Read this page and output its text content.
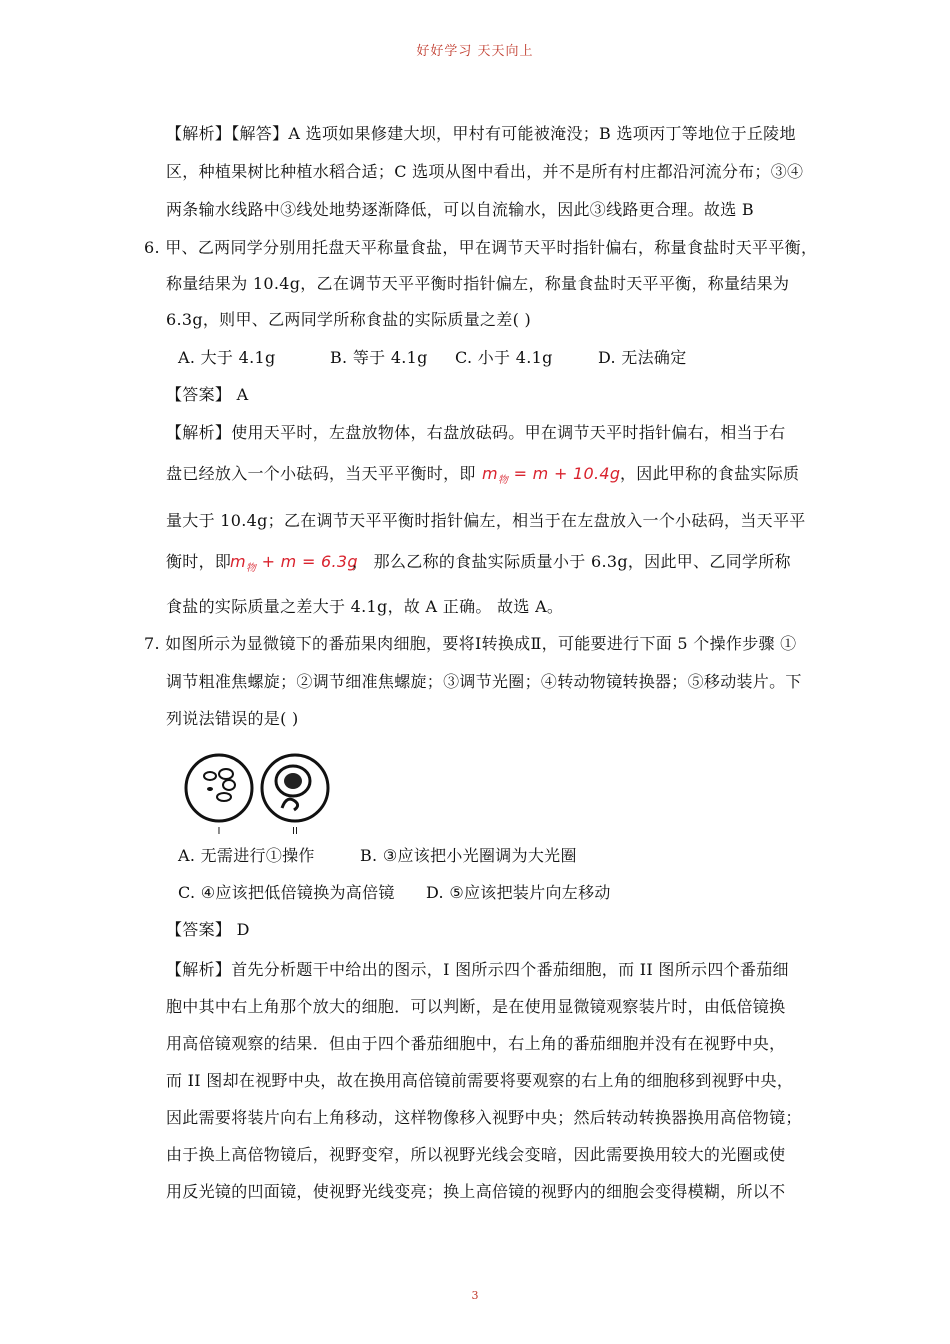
好好学习 天天向上
【解析】【解答】A 选项如果修建大坝，甲村有可能被淹没；B 选项丙丁等地位于丘陵地
区，种植果树比种植水稻合适；C 选项从图中看出，并不是所有村庄都沿河流分布；③④
两条输水线路中③线处地势逐渐降低，可以自流输水，因此③线路更合理。故选 B
6. 甲、乙两同学分别用托盘天平称量食盐，甲在调节天平时指针偏右，称量食盐时天平平衡，
称量结果为 10.4g，乙在调节天平平衡时指针偏左，称量食盐时天平平衡，称量结果为
6.3g，则甲、乙两同学所称食盐的实际质量之差( )
A. 大于 4.1g	B. 等于 4.1g C. 小于 4.1g	D. 无法确定
【答案】 A
【解析】使用天平时，左盘放物体，右盘放砝码。甲在调节天平时指针偏右，相当于右
盘已经放入一个小砝码，当天平平衡时，即 $m_物 = m + 10.4g$ ，因此甲称的食盐实际质
量大于 10.4g；乙在调节天平平衡时指针偏左，相当于在左盘放入一个小砝码，当天平平
衡时，即
$m_物 + m = 6.3g$
， 那么乙称的食盐实际质量小于 6.3g，因此甲、乙同学所称
食盐的实际质量之差大于 4.1g，故 A 正确。 故选 A。
7. 如图所示为显微镜下的番茄果肉细胞，要将Ⅰ转换成Ⅱ，可能要进行下面 5 个操作步骤 ①
调节粗准焦螺旋；②调节细准焦螺旋；③调节光圈；④转动物镜转换器；⑤移动装片。下
列说法错误的是( )
I	II
A. 无需进行①操作	B. ③应该把小光圈调为大光圈
C. ④应该把低倍镜换为高倍镜 D. ⑤应该把装片向左移动
【答案】 D
【解析】首先分析题干中给出的图示，I 图所示四个番茄细胞，而 II 图所示四个番茄细
胞中其中右上角那个放大的细胞．可以判断，是在使用显微镜观察装片时，由低倍镜换
用高倍镜观察的结果．但由于四个番茄细胞中，右上角的番茄细胞并没有在视野中央，
而 II 图却在视野中央，故在换用高倍镜前需要将要观察的右上角的细胞移到视野中央，
因此需要将装片向右上角移动，这样物像移入视野中央；然后转动转换器换用高倍物镜；
由于换上高倍物镜后，视野变窄，所以视野光线会变暗，因此需要换用较大的光圈或使
用反光镜的凹面镜，使视野光线变亮；换上高倍镜的视野内的细胞会变得模糊，所以不
3
